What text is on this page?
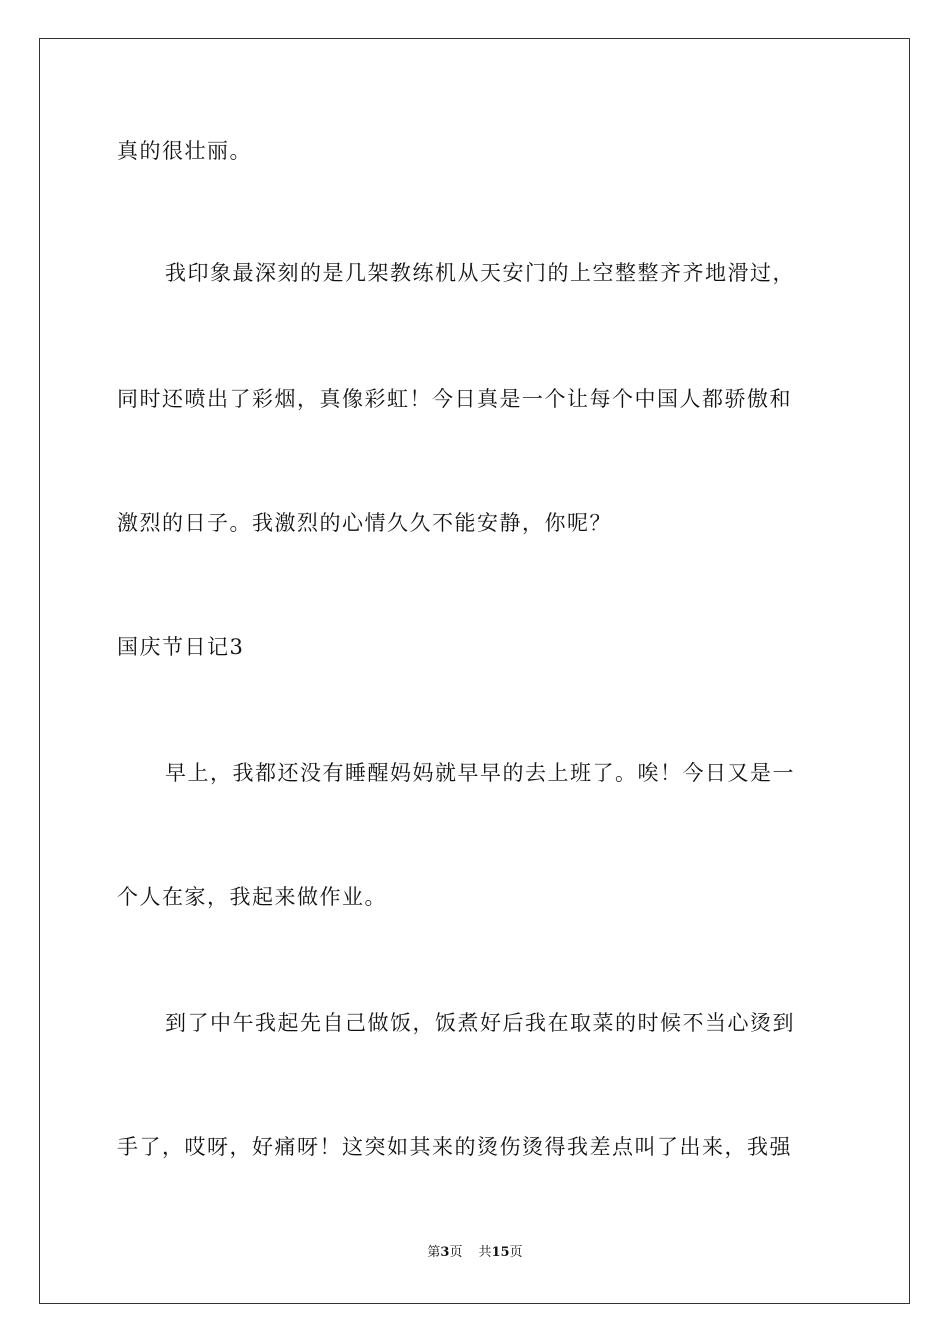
真的很壮丽。
我印象最深刻的是几架教练机从天安门的上空整整齐齐地滑过，
同时还喷出了彩烟，真像彩虹！今日真是一个让每个中国人都骄傲和
激烈的日子。我激烈的心情久久不能安静，你呢？
国庆节日记3
早上，我都还没有睡醒妈妈就早早的去上班了。唉！今日又是一
个人在家，我起来做作业。
到了中午我起先自己做饭，饭煮好后我在取菜的时候不当心烫到
手了，哎呀，好痛呀！这突如其来的烫伤烫得我差点叫了出来，我强
第3页 共15页
